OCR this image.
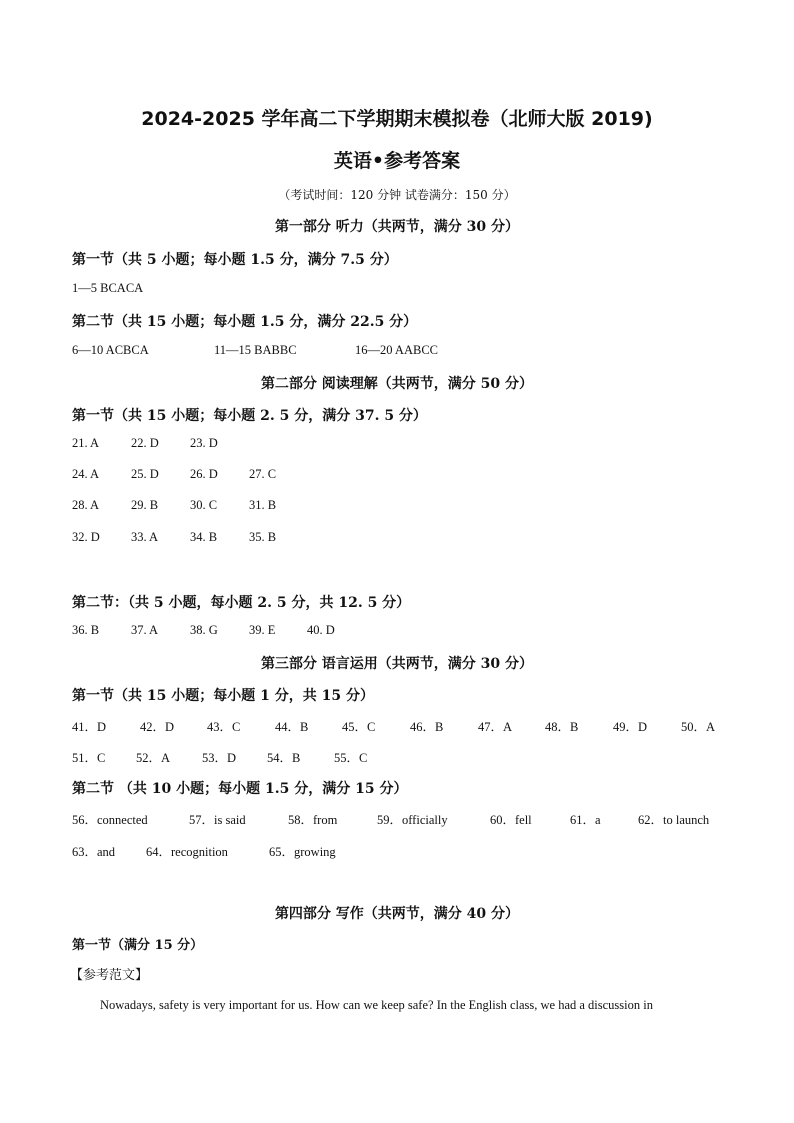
2024-2025 学年高二下学期期末模拟卷（北师大版 2019)
英语•参考答案
（考试时间：120 分钟 试卷满分：150 分）
第一部分 听力（共两节，满分 30 分）
第一节（共 5 小题；每小题 1.5 分，满分 7.5 分）
1—5 BCACA
第二节（共 15 小题；每小题 1.5 分，满分 22.5 分）
6—10 ACBCA	11—15 BABBC	16—20 AABCC
第二部分 阅读理解（共两节，满分 50 分）
第一节（共 15 小题；每小题 2. 5 分，满分 37. 5 分）
21. A	22. D 23. D
24. A	25. D 26. D 27. C
28. A	29. B	30. C	31. B
32. D 33. A	34. B	35. B
第二节：（共 5 小题，每小题 2. 5 分，共 12. 5 分）
36. B	37. A	38. G 39. E	40. D
第三部分 语言运用（共两节，满分 30 分）
第一节（共 15 小题；每小题 1 分，共 15 分）
41．D	42．D	43．C	44．B	45．C	46．B	47．A	48．B	49．D	50．A
51．C 52．A	53．D 54．B	55．C
第二节 （共 10 小题；每小题 1.5 分，满分 15 分）
56．connected	57．is said	58．from	59．officially	60．fell	61．a	62．to launch
63．and 64．recognition	65．growing
第四部分 写作（共两节，满分 40 分）
第一节（满分 15 分）
【参考范文】
Nowadays, safety is very important for us. How can we keep safe? In the English class, we had a discussion in
